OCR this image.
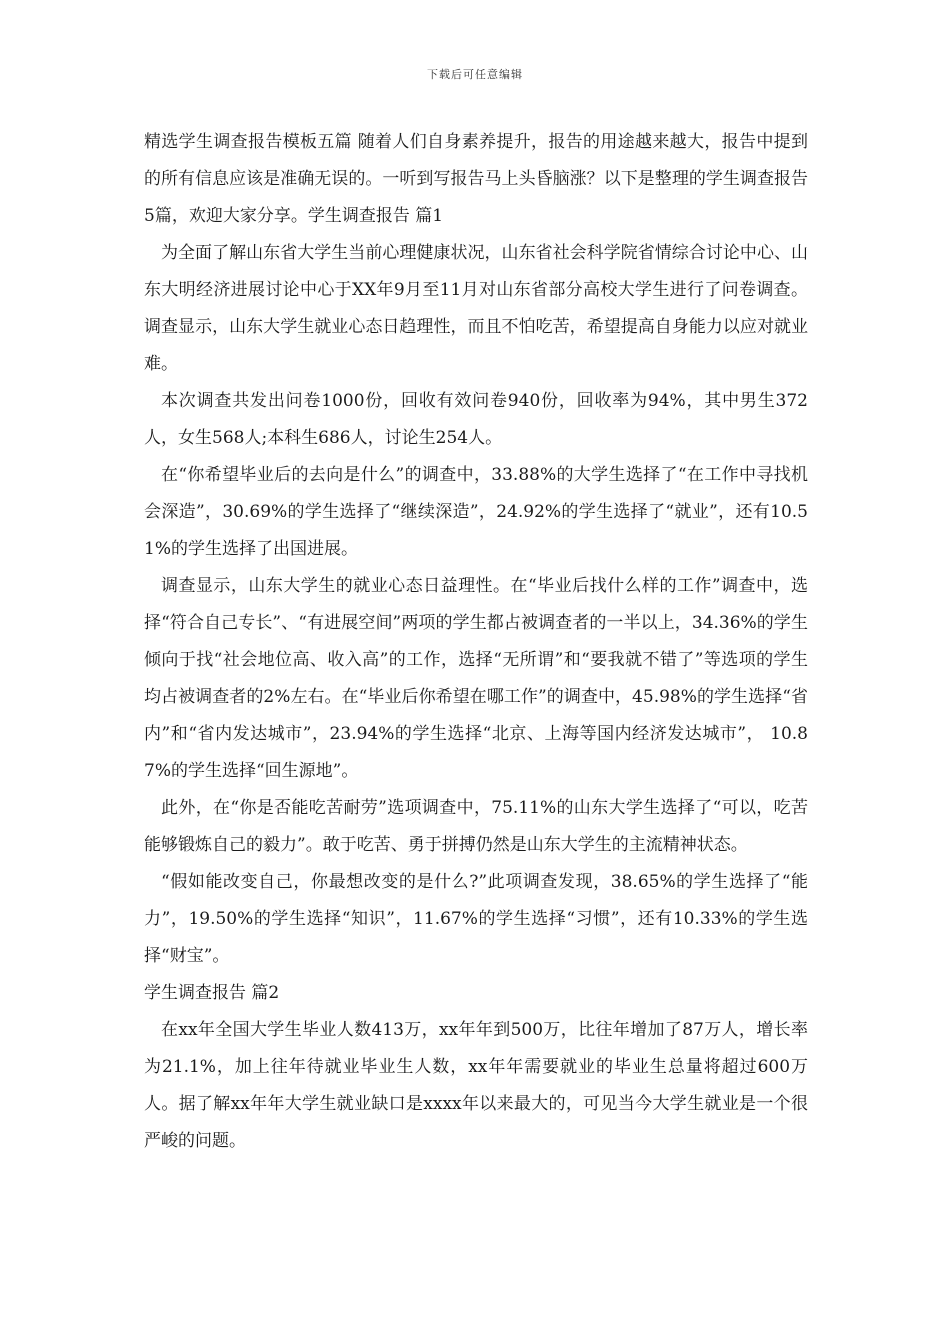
下载后可任意编辑

精选学生调查报告模板五篇 随着人们自身素养提升，报告的用途越来越大，报告中提到的所有信息应该是准确无误的。一听到写报告马上头昏脑涨？以下是整理的学生调查报告5篇，欢迎大家分享。学生调查报告 篇1

为全面了解山东省大学生当前心理健康状况，山东省社会科学院省情综合讨论中心、山东大明经济进展讨论中心于XX年9月至11月对山东省部分高校大学生进行了问卷调查。调查显示，山东大学生就业心态日趋理性，而且不怕吃苦，希望提高自身能力以应对就业难。

本次调查共发出问卷1000份，回收有效问卷940份，回收率为94%，其中男生372人，女生568人;本科生686人，讨论生254人。

在“你希望毕业后的去向是什么”的调查中，33.88%的大学生选择了“在工作中寻找机会深造”，30.69%的学生选择了“继续深造”，24.92%的学生选择了“就业”，还有10.51%的学生选择了出国进展。

调查显示，山东大学生的就业心态日益理性。在“毕业后找什么样的工作”调查中，选择“符合自己专长”、“有进展空间”两项的学生都占被调查者的一半以上，34.36%的学生倾向于找“社会地位高、收入高”的工作，选择“无所谓”和“要我就不错了”等选项的学生均占被调查者的2%左右。在“毕业后你希望在哪工作”的调查中，45.98%的学生选择“省内”和“省内发达城市”，23.94%的学生选择“北京、上海等国内经济发达城市”， 10.87%的学生选择“回生源地”。

此外，在“你是否能吃苦耐劳”选项调查中，75.11%的山东大学生选择了“可以，吃苦能够锻炼自己的毅力”。敢于吃苦、勇于拼搏仍然是山东大学生的主流精神状态。

“假如能改变自己，你最想改变的是什么?”此项调查发现，38.65%的学生选择了“能力”，19.50%的学生选择“知识”，11.67%的学生选择“习惯”，还有10.33%的学生选择“财宝”。

学生调查报告 篇2

在xx年全国大学生毕业人数413万，xx年年到500万，比往年增加了87万人，增长率为21.1%，加上往年待就业毕业生人数，xx年年需要就业的毕业生总量将超过600万人。据了解xx年年大学生就业缺口是xxxx年以来最大的，可见当今大学生就业是一个很严峻的问题。
